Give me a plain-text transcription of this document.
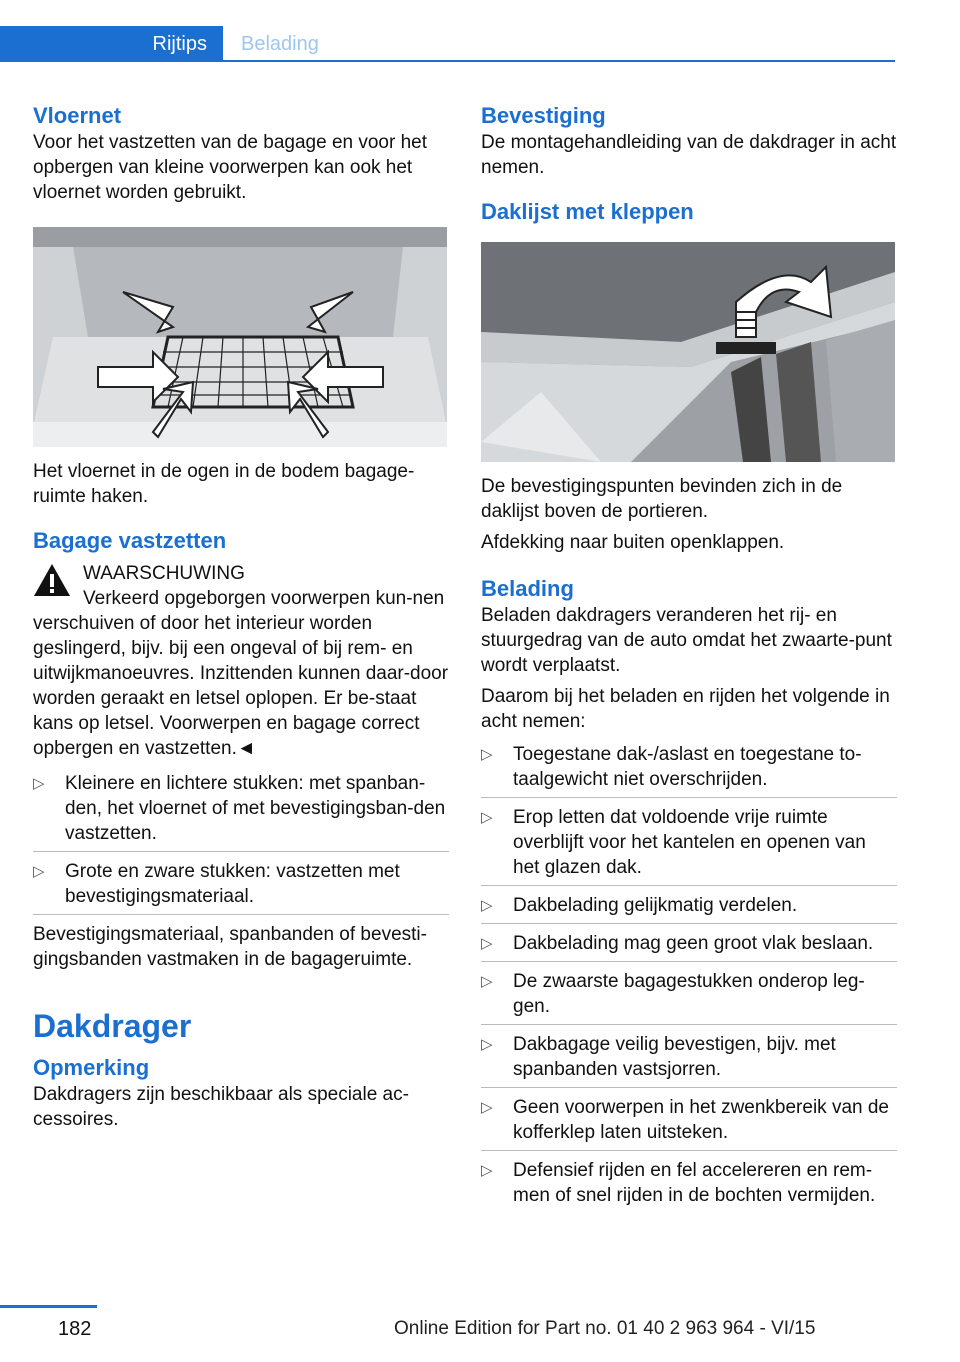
Rijtips Belading
Vloernet

Voor het vastzetten van de bagage en voor het opbergen van kleine voorwerpen kan ook het vloernet worden gebruikt.

Het vloernet in de ogen in de bodem bagage-ruimte haken.

Bagage vastzetten

WAARSCHUWING

Verkeerd opgeborgen voorwerpen kun-nen verschuiven of door het interieur worden geslingerd, bijv. bij een ongeval of bij rem- en uitwijkmanoeuvres. Inzittenden kunnen daar-door worden geraakt en letsel oplopen. Er be-staat kans op letsel. Voorwerpen en bagage correct opbergen en vastzetten.◄

▷ Kleinere en lichtere stukken: met spanban-den, het vloernet of met bevestigingsban-den vastzetten.
▷ Grote en zware stukken: vastzetten met bevestigingsmateriaal.

Bevestigingsmateriaal, spanbanden of bevesti-gingsbanden vastmaken in de bagageruimte.

Dakdrager
Opmerking

Dakdragers zijn beschikbaar als speciale ac-cessoires.

Bevestiging

De montagehandleiding van de dakdrager in acht nemen.

Daklijst met kleppen

De bevestigingspunten bevinden zich in de daklijst boven de portieren.

Afdekking naar buiten openklappen.

Belading

Beladen dakdragers veranderen het rij- en stuurgedrag van de auto omdat het zwaarte-punt wordt verplaatst.

Daarom bij het beladen en rijden het volgende in acht nemen:

▷ Toegestane dak-/aslast en toegestane to-taalgewicht niet overschrijden.
▷ Erop letten dat voldoende vrije ruimte overblijft voor het kantelen en openen van het glazen dak.
▷ Dakbelading gelijkmatig verdelen.
▷ Dakbelading mag geen groot vlak beslaan.
▷ De zwaarste bagagestukken onderop leg-gen.
▷ Dakbagage veilig bevestigen, bijv. met spanbanden vastsjorren.
▷ Geen voorwerpen in het zwenkbereik van de kofferklep laten uitsteken.
▷ Defensief rijden en fel accelereren en rem-men of snel rijden in de bochten vermijden.
182	Online Edition for Part no. 01 40 2 963 964 - VI/15
